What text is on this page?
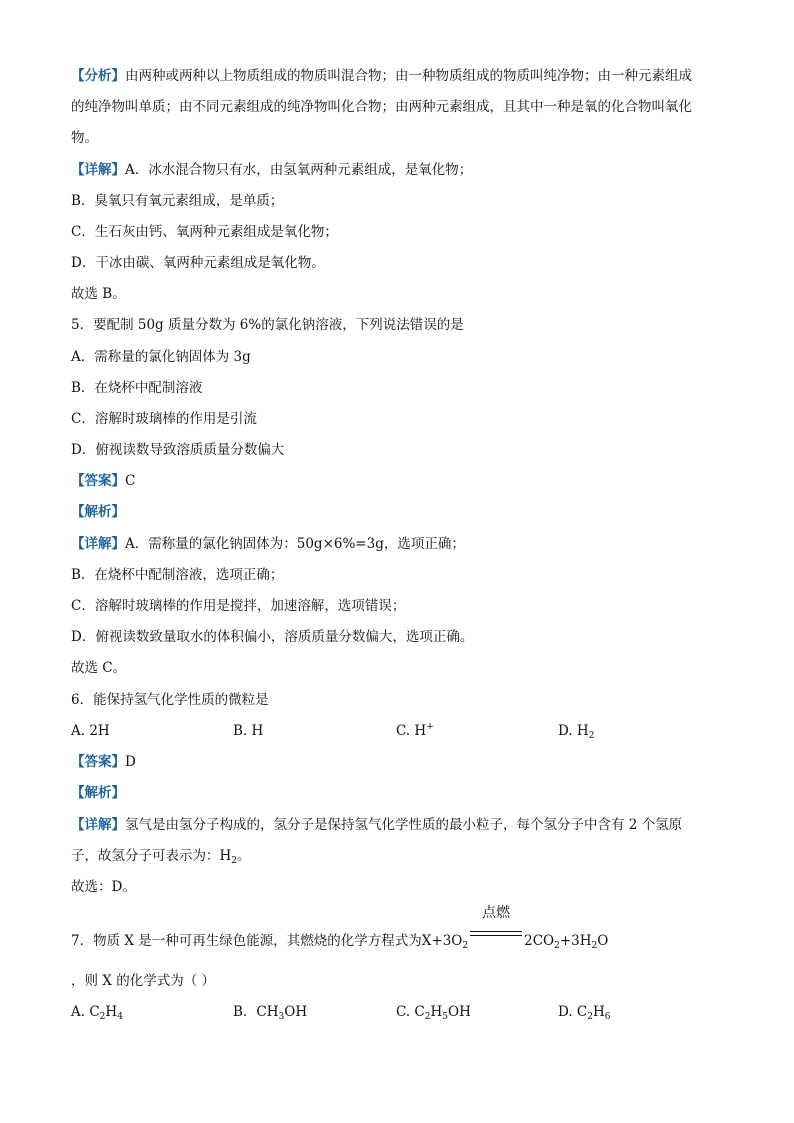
【分析】由两种或两种以上物质组成的物质叫混合物；由一种物质组成的物质叫纯净物；由一种元素组成
的纯净物叫单质；由不同元素组成的纯净物叫化合物；由两种元素组成，且其中一种是氧的化合物叫氧化
物。
【详解】A．冰水混合物只有水，由氢氧两种元素组成，是氧化物；
B．臭氧只有氧元素组成，是单质；
C．生石灰由钙、氧两种元素组成是氧化物；
D．干冰由碳、氧两种元素组成是氧化物。
故选 B。
5．要配制 50g 质量分数为 6%的氯化钠溶液，下列说法错误的是
A．需称量的氯化钠固体为 3g
B．在烧杯中配制溶液
C．溶解时玻璃棒的作用是引流
D．俯视读数导致溶质质量分数偏大
【答案】C
【解析】
【详解】A．需称量的氯化钠固体为：50g×6%=3g，选项正确；
B．在烧杯中配制溶液，选项正确；
C．溶解时玻璃棒的作用是搅拌，加速溶解，选项错误；
D．俯视读数致量取水的体积偏小，溶质质量分数偏大，选项正确。
故选 C。
6．能保持氢气化学性质的微粒是
A. 2H	B. H	C. H+	D. $H_2$
【答案】D
【解析】
【详解】氢气是由氢分子构成的，氢分子是保持氢气化学性质的最小粒子，每个氢分子中含有 2 个氢原
子，故氢分子可表示为：$H_2$。
故选：D。
7．物质 X 是一种可再生绿色能源，其燃烧的化学方程式为$X+3O_2$
点燃
$2CO_2+3H_2O$
，则 X 的化学式为（ ）
A. $C_2H_4$	B．$CH_3OH$	C. $C_2H_5OH$	D. $C_2H_6$
